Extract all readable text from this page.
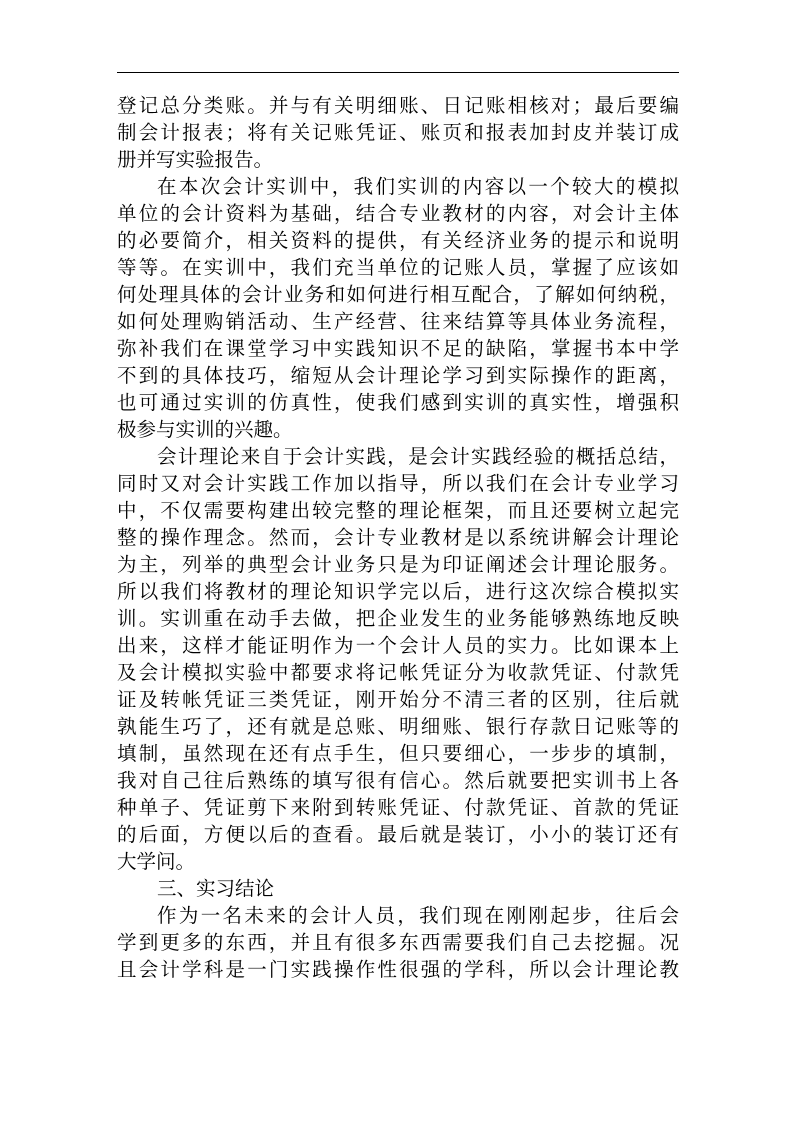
登记总分类账。并与有关明细账、日记账相核对；最后要编
制会计报表；将有关记账凭证、账页和报表加封皮并装订成
册并写实验报告。
在本次会计实训中，我们实训的内容以一个较大的模拟
单位的会计资料为基础，结合专业教材的内容，对会计主体
的必要简介，相关资料的提供，有关经济业务的提示和说明
等等。在实训中，我们充当单位的记账人员，掌握了应该如
何处理具体的会计业务和如何进行相互配合，了解如何纳税，
如何处理购销活动、生产经营、往来结算等具体业务流程，
弥补我们在课堂学习中实践知识不足的缺陷，掌握书本中学
不到的具体技巧，缩短从会计理论学习到实际操作的距离，
也可通过实训的仿真性，使我们感到实训的真实性，增强积
极参与实训的兴趣。
会计理论来自于会计实践，是会计实践经验的概括总结，
同时又对会计实践工作加以指导，所以我们在会计专业学习
中，不仅需要构建出较完整的理论框架，而且还要树立起完
整的操作理念。然而，会计专业教材是以系统讲解会计理论
为主，列举的典型会计业务只是为印证阐述会计理论服务。
所以我们将教材的理论知识学完以后，进行这次综合模拟实
训。实训重在动手去做，把企业发生的业务能够熟练地反映
出来，这样才能证明作为一个会计人员的实力。比如课本上
及会计模拟实验中都要求将记帐凭证分为收款凭证、付款凭
证及转帐凭证三类凭证，刚开始分不清三者的区别，往后就
孰能生巧了，还有就是总账、明细账、银行存款日记账等的
填制，虽然现在还有点手生，但只要细心，一步步的填制，
我对自己往后熟练的填写很有信心。然后就要把实训书上各
种单子、凭证剪下来附到转账凭证、付款凭证、首款的凭证
的后面，方便以后的查看。最后就是装订，小小的装订还有
大学问。
三、实习结论
作为一名未来的会计人员，我们现在刚刚起步，往后会
学到更多的东西，并且有很多东西需要我们自己去挖掘。况
且会计学科是一门实践操作性很强的学科，所以会计理论教
